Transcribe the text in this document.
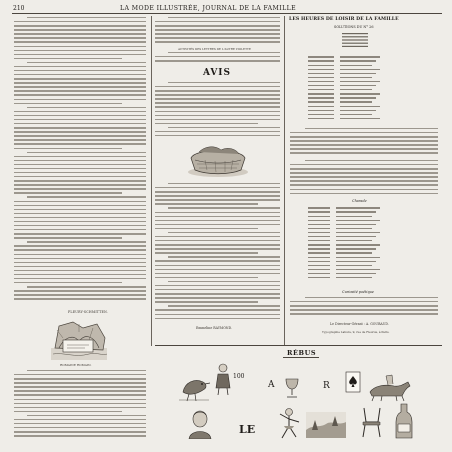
210	LA MODE ILLUSTRÉE, JOURNAL DE LA FAMILLE
ROMAINE ROMAIN.
FLEURY-SCHMITTEN.
ACTIVITÉS DES LETTRES DE L'AUTRE VIOLETTE
AVIS
Emmeline RAYMOND.
LES HEURES DE LOISIR DE LA FAMILLE
SOLUTIONS DU N° 26
Charade
Curiosité poétique
Le Directeur-Gérant : A. GOUBAUD.
Typographie Lahure, 9, rue de Fleurus, à Paris.
RÉBUS
100
A	R
LE
